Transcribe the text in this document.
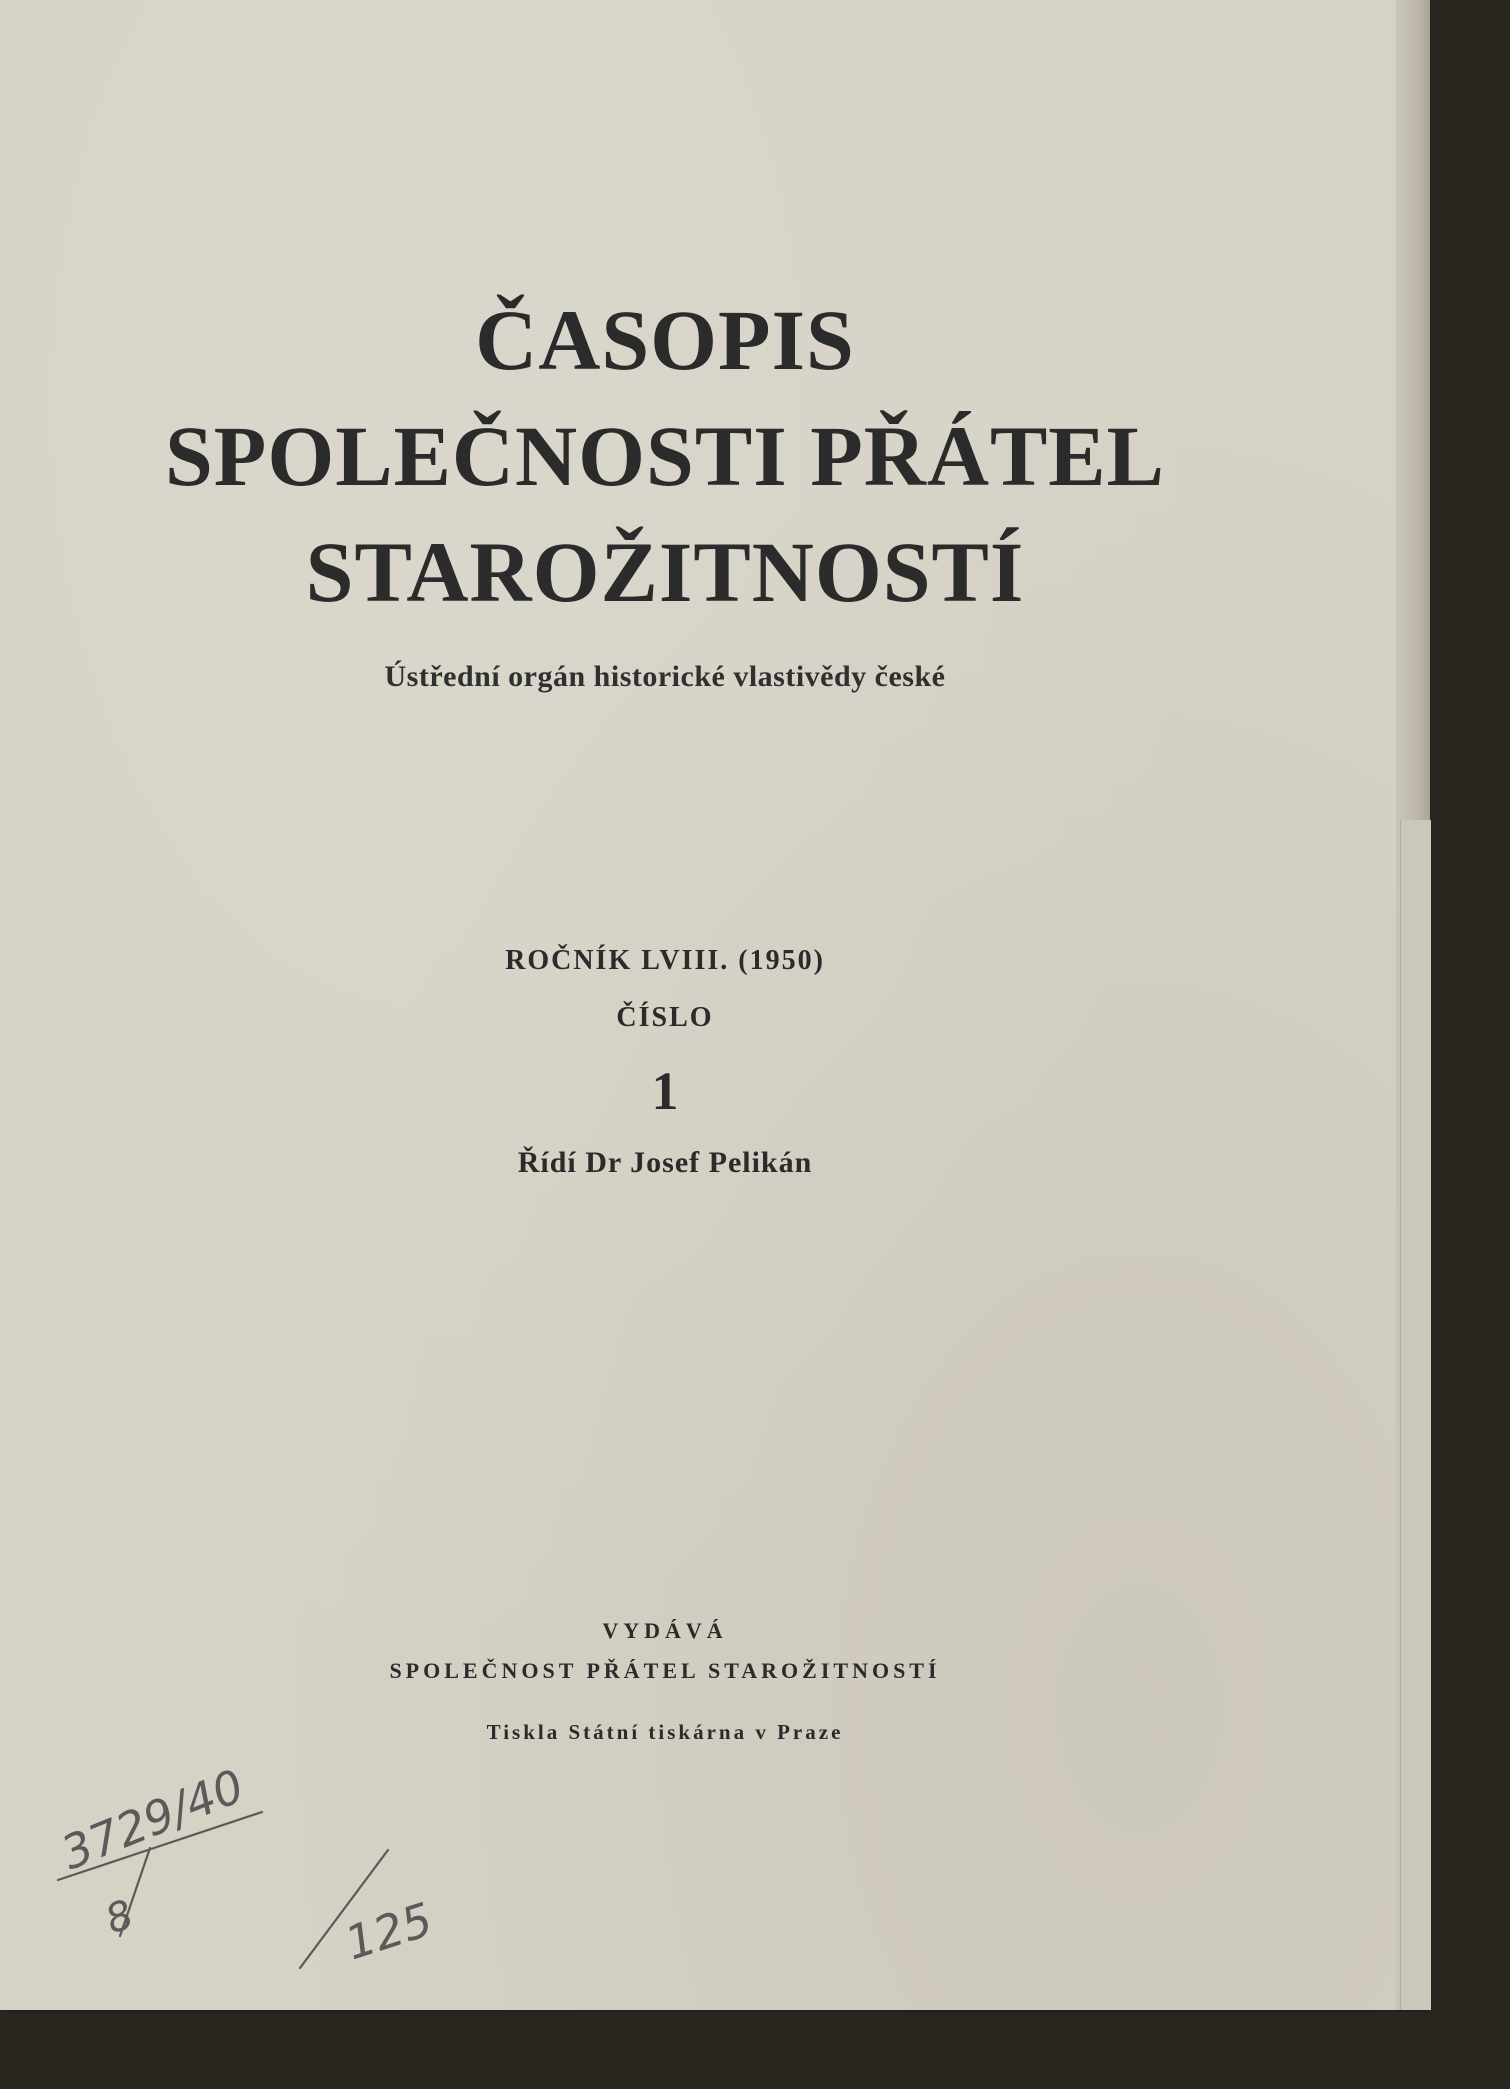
ČASOPIS
SPOLEČNOSTI PŘÁTEL
STAROŽITNOSTÍ
Ústřední orgán historické vlastivědy české
ROČNÍK LVIII. (1950)
ČÍSLO
1
Řídí Dr Josef Pelikán
VYDÁVÁ
SPOLEČNOST PŘÁTEL STAROŽITNOSTÍ
Tiskla Státní tiskárna v Praze
3729/40
8	125
